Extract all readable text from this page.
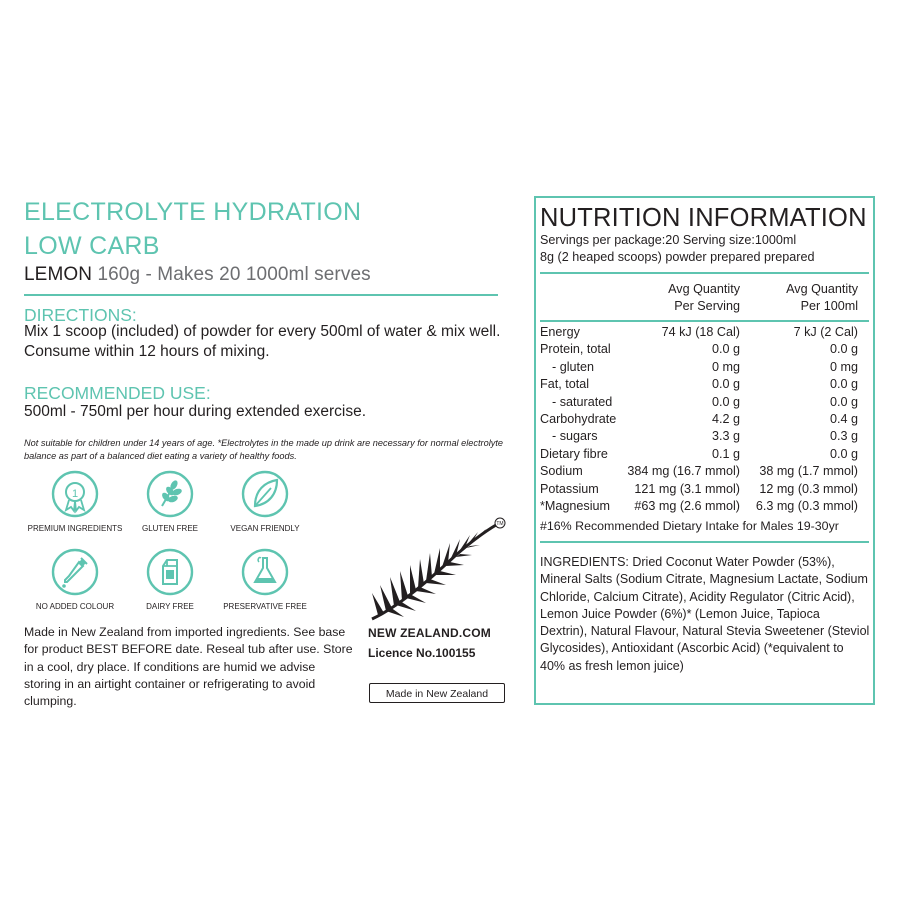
ELECTROLYTE HYDRATION
LOW CARB
LEMON 160g - Makes 20 1000ml serves
DIRECTIONS:
Mix 1 scoop (included) of powder for every 500ml of water & mix well. Consume within 12 hours of mixing.
RECOMMENDED USE:
500ml - 750ml per hour during extended exercise.
Not suitable for children under 14 years of age. *Electrolytes in the made up drink are necessary for normal electrolyte balance as part of a balanced diet eating a variety of healthy foods.
1
PREMIUM INGREDIENTS	GLUTEN FREE	VEGAN FRIENDLY
NO ADDED COLOUR	DAIRY FREE	PRESERVATIVE FREE
Made in New Zealand from imported ingredients. See base for product BEST BEFORE date. Reseal tub after use. Store in a cool, dry place. If conditions are humid we advise storing in an airtight container or refrigerating to avoid clumping.
TM
NEW ZEALAND.COM
Licence No.100155
Made in New Zealand
NUTRITION INFORMATION
Servings per package:20 Serving size:1000ml
8g (2 heaped scoops) powder prepared prepared
Avg Quantity
Per Serving
Avg Quantity
Per 100ml
Energy	74 kJ (18 Cal)	7 kJ (2 Cal)
Protein, total	0.0 g	0.0 g
- gluten	0 mg	0 mg
Fat, total	0.0 g	0.0 g
- saturated	0.0 g	0.0 g
Carbohydrate	4.2 g	0.4 g
- sugars	3.3 g	0.3 g
Dietary fibre	0.1 g	0.0 g
Sodium	384 mg (16.7 mmol) 38 mg (1.7 mmol)
Potassium	121 mg (3.1 mmol) 12 mg (0.3 mmol)
*Magnesium #63 mg (2.6 mmol) 6.3 mg (0.3 mmol)
#16% Recommended Dietary Intake for Males 19-30yr
INGREDIENTS: Dried Coconut Water Powder (53%), Mineral Salts (Sodium Citrate, Magnesium Lactate, Sodium Chloride, Calcium Citrate), Acidity Regulator (Citric Acid), Lemon Juice Powder (6%)* (Lemon Juice, Tapioca Dextrin), Natural Flavour, Natural Stevia Sweetener (Steviol Glycosides), Antioxidant (Ascorbic Acid) (*equivalent to 40% as fresh lemon juice)
